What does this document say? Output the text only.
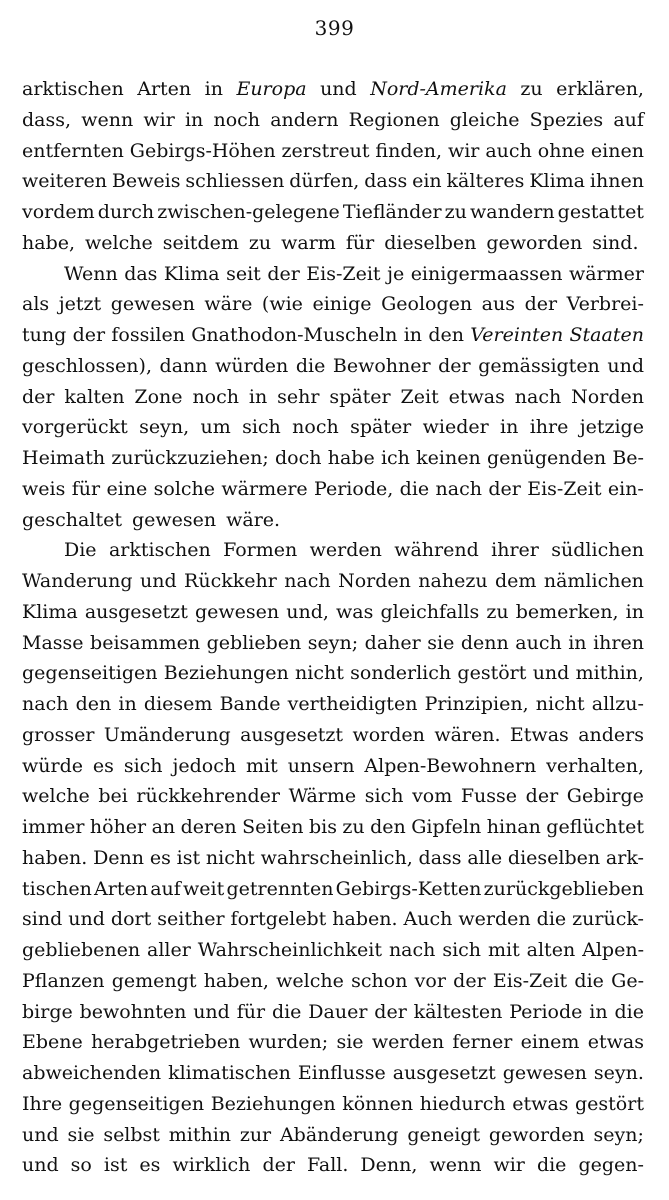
399
arktischen Arten in Europa und Nord-Amerika zu erklären,
dass, wenn wir in noch andern Regionen gleiche Spezies auf
entfernten Gebirgs-Höhen zerstreut finden, wir auch ohne einen
weiteren Beweis schliessen dürfen, dass ein kälteres Klima ihnen
vordem durch zwischen-gelegene Tiefländer zu wandern gestattet
habe, welche seitdem zu warm für dieselben geworden sind.
Wenn das Klima seit der Eis-Zeit je einigermaassen wärmer
als jetzt gewesen wäre (wie einige Geologen aus der Verbrei-
tung der fossilen Gnathodon-Muscheln in den Vereinten Staaten
geschlossen), dann würden die Bewohner der gemässigten und
der kalten Zone noch in sehr später Zeit etwas nach Norden
vorgerückt seyn, um sich noch später wieder in ihre jetzige
Heimath zurückzuziehen; doch habe ich keinen genügenden Be-
weis für eine solche wärmere Periode, die nach der Eis-Zeit ein-
geschaltet gewesen wäre.
Die arktischen Formen werden während ihrer südlichen
Wanderung und Rückkehr nach Norden nahezu dem nämlichen
Klima ausgesetzt gewesen und, was gleichfalls zu bemerken, in
Masse beisammen geblieben seyn; daher sie denn auch in ihren
gegenseitigen Beziehungen nicht sonderlich gestört und mithin,
nach den in diesem Bande vertheidigten Prinzipien, nicht allzu-
grosser Umänderung ausgesetzt worden wären. Etwas anders
würde es sich jedoch mit unsern Alpen-Bewohnern verhalten,
welche bei rückkehrender Wärme sich vom Fusse der Gebirge
immer höher an deren Seiten bis zu den Gipfeln hinan geflüchtet
haben. Denn es ist nicht wahrscheinlich, dass alle dieselben ark-
tischen Arten auf weit getrennten Gebirgs-Ketten zurückgeblieben
sind und dort seither fortgelebt haben. Auch werden die zurück-
gebliebenen aller Wahrscheinlichkeit nach sich mit alten Alpen-
Pflanzen gemengt haben, welche schon vor der Eis-Zeit die Ge-
birge bewohnten und für die Dauer der kältesten Periode in die
Ebene herabgetrieben wurden; sie werden ferner einem etwas
abweichenden klimatischen Einflusse ausgesetzt gewesen seyn.
Ihre gegenseitigen Beziehungen können hiedurch etwas gestört
und sie selbst mithin zur Abänderung geneigt geworden seyn;
und so ist es wirklich der Fall. Denn, wenn wir die gegen-
